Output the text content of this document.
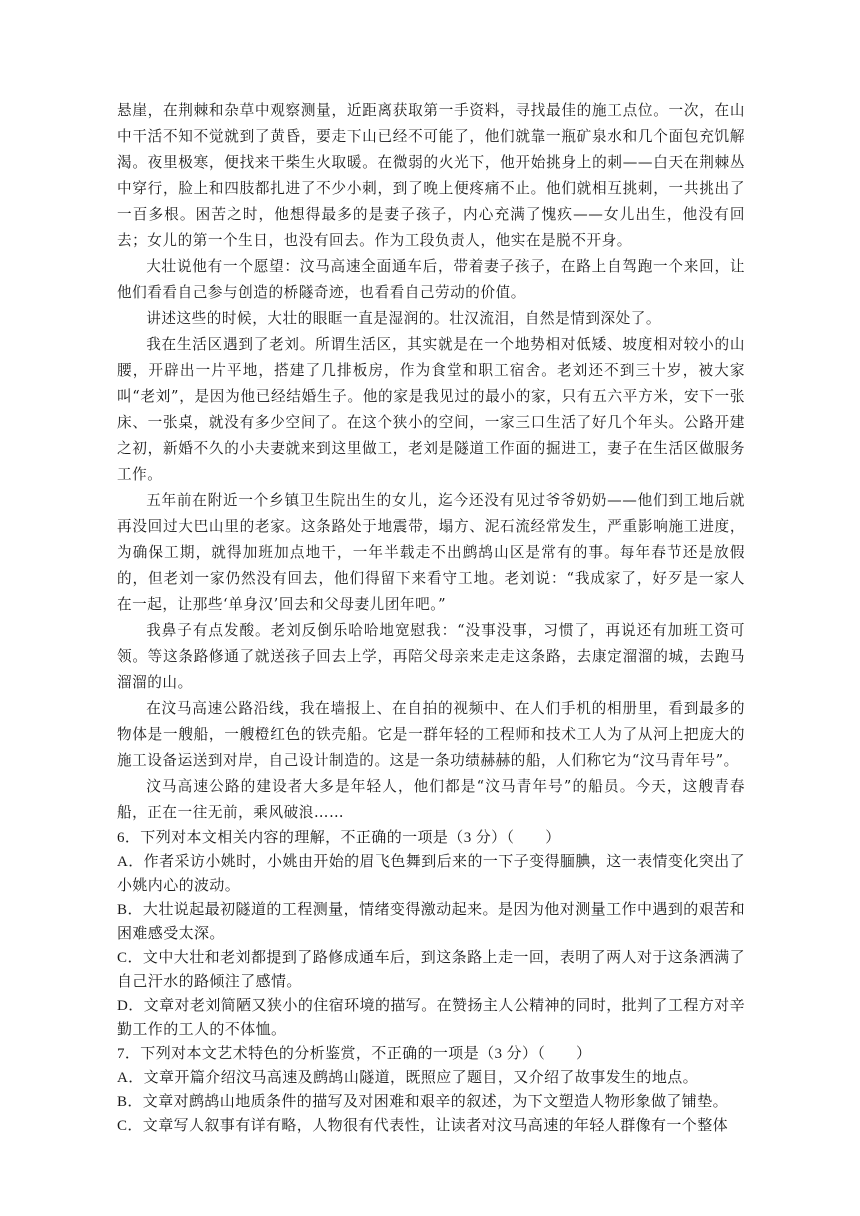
悬崖，在荆棘和杂草中观察测量，近距离获取第一手资料，寻找最佳的施工点位。一次，在山中干活不知不觉就到了黄昏，要走下山已经不可能了，他们就靠一瓶矿泉水和几个面包充饥解渴。夜里极寒，便找来干柴生火取暖。在微弱的火光下，他开始挑身上的刺——白天在荆棘丛中穿行，脸上和四肢都扎进了不少小刺，到了晚上便疼痛不止。他们就相互挑刺，一共挑出了一百多根。困苦之时，他想得最多的是妻子孩子，内心充满了愧疚——女儿出生，他没有回去；女儿的第一个生日，也没有回去。作为工段负责人，他实在是脱不开身。

大壮说他有一个愿望：汶马高速全面通车后，带着妻子孩子，在路上自驾跑一个来回，让他们看看自己参与创造的桥隧奇迹，也看看自己劳动的价值。

讲述这些的时候，大壮的眼眶一直是湿润的。壮汉流泪，自然是情到深处了。

我在生活区遇到了老刘。所谓生活区，其实就是在一个地势相对低矮、坡度相对较小的山腰，开辟出一片平地，搭建了几排板房，作为食堂和职工宿舍。老刘还不到三十岁，被大家叫“老刘”，是因为他已经结婚生子。他的家是我见过的最小的家，只有五六平方米，安下一张床、一张桌，就没有多少空间了。在这个狭小的空间，一家三口生活了好几个年头。公路开建之初，新婚不久的小夫妻就来到这里做工，老刘是隧道工作面的掘进工，妻子在生活区做服务工作。

五年前在附近一个乡镇卫生院出生的女儿，迄今还没有见过爷爷奶奶——他们到工地后就再没回过大巴山里的老家。这条路处于地震带，塌方、泥石流经常发生，严重影响施工进度，为确保工期，就得加班加点地干，一年半载走不出鹧鸪山区是常有的事。每年春节还是放假的，但老刘一家仍然没有回去，他们得留下来看守工地。老刘说：“我成家了，好歹是一家人在一起，让那些‘单身汉’回去和父母妻儿团年吧。”

我鼻子有点发酸。老刘反倒乐哈哈地宽慰我：“没事没事，习惯了，再说还有加班工资可领。等这条路修通了就送孩子回去上学，再陪父母亲来走走这条路，去康定溜溜的城，去跑马溜溜的山。

在汶马高速公路沿线，我在墙报上、在自拍的视频中、在人们手机的相册里，看到最多的物体是一艘船，一艘橙红色的铁壳船。它是一群年轻的工程师和技术工人为了从河上把庞大的施工设备运送到对岸，自己设计制造的。这是一条功绩赫赫的船，人们称它为“汶马青年号”。

汶马高速公路的建设者大多是年轻人，他们都是“汶马青年号”的船员。今天，这艘青春船，正在一往无前，乘风破浪……

6．下列对本文相关内容的理解，不正确的一项是（3 分）（　　）

A．作者采访小姚时，小姚由开始的眉飞色舞到后来的一下子变得腼腆，这一表情变化突出了小姚内心的波动。

B．大壮说起最初隧道的工程测量，情绪变得激动起来。是因为他对测量工作中遇到的艰苦和困难感受太深。

C．文中大壮和老刘都提到了路修成通车后，到这条路上走一回，表明了两人对于这条洒满了自己汗水的路倾注了感情。

D．文章对老刘简陋又狭小的住宿环境的描写。在赞扬主人公精神的同时，批判了工程方对辛勤工作的工人的不体恤。

7．下列对本文艺术特色的分析鉴赏，不正确的一项是（3 分）（　　）

A．文章开篇介绍汶马高速及鹧鸪山隧道，既照应了题目，又介绍了故事发生的地点。

B．文章对鹧鸪山地质条件的描写及对困难和艰辛的叙述，为下文塑造人物形象做了铺垫。

C．文章写人叙事有详有略，人物很有代表性，让读者对汶马高速的年轻人群像有一个整体
